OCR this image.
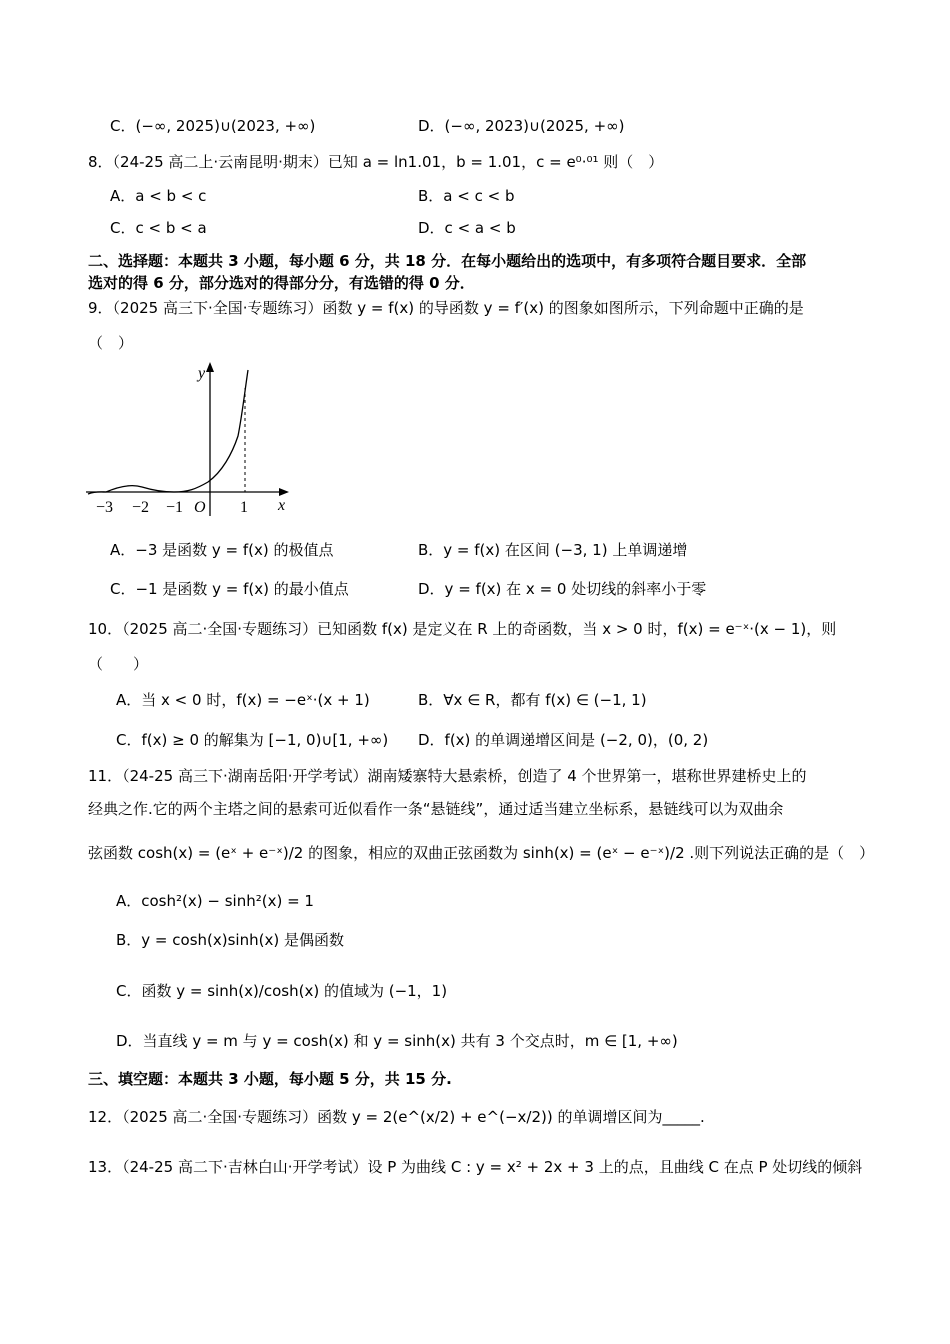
C．(−∞, 2025)∪(2023, +∞)	D．(−∞, 2023)∪(2025, +∞)
8．（24-25 高二上·云南昆明·期末）已知 a = ln1.01，b = 1.01，c = e⁰·⁰¹ 则（　）
A．a < b < c	B．a < c < b
C．c < b < a	D．c < a < b
二、选择题：本题共 3 小题，每小题 6 分，共 18 分．在每小题给出的选项中，有多项符合题目要求．全部
选对的得 6 分，部分选对的得部分分，有选错的得 0 分．
9．（2025 高三下·全国·专题练习）函数 y = f(x) 的导函数 y = f′(x) 的图象如图所示，下列命题中正确的是
（　）
y
x
O
−3 −2 −1	1
A．−3 是函数 y = f(x) 的极值点	B．y = f(x) 在区间 (−3, 1) 上单调递增
C．−1 是函数 y = f(x) 的最小值点	D．y = f(x) 在 x = 0 处切线的斜率小于零
10．（2025 高二·全国·专题练习）已知函数 f(x) 是定义在 R 上的奇函数，当 x > 0 时，f(x) = e⁻ˣ·(x − 1)，则
（　　）
A．当 x < 0 时，f(x) = −eˣ·(x + 1)	B．∀x ∈ R，都有 f(x) ∈ (−1, 1)
C．f(x) ≥ 0 的解集为 [−1, 0)∪[1, +∞) D．f(x) 的单调递增区间是 (−2, 0)，(0, 2)
11．（24-25 高三下·湖南岳阳·开学考试）湖南矮寨特大悬索桥，创造了 4 个世界第一，堪称世界建桥史上的
经典之作.它的两个主塔之间的悬索可近似看作一条“悬链线”，通过适当建立坐标系，悬链线可以为双曲余
弦函数 cosh(x) = (eˣ + e⁻ˣ)/2 的图象，相应的双曲正弦函数为 sinh(x) = (eˣ − e⁻ˣ)/2 .则下列说法正确的是（　）
A．cosh²(x) − sinh²(x) = 1
B．y = cosh(x)sinh(x) 是偶函数
C．函数 y = sinh(x)/cosh(x) 的值域为 (−1，1)
D．当直线 y = m 与 y = cosh(x) 和 y = sinh(x) 共有 3 个交点时，m ∈ [1, +∞)
三、填空题：本题共 3 小题，每小题 5 分，共 15 分.
12．（2025 高二·全国·专题练习）函数 y = 2(e^(x/2) + e^(−x/2)) 的单调增区间为_____.
13．（24-25 高二下·吉林白山·开学考试）设 P 为曲线 C : y = x² + 2x + 3 上的点，且曲线 C 在点 P 处切线的倾斜
